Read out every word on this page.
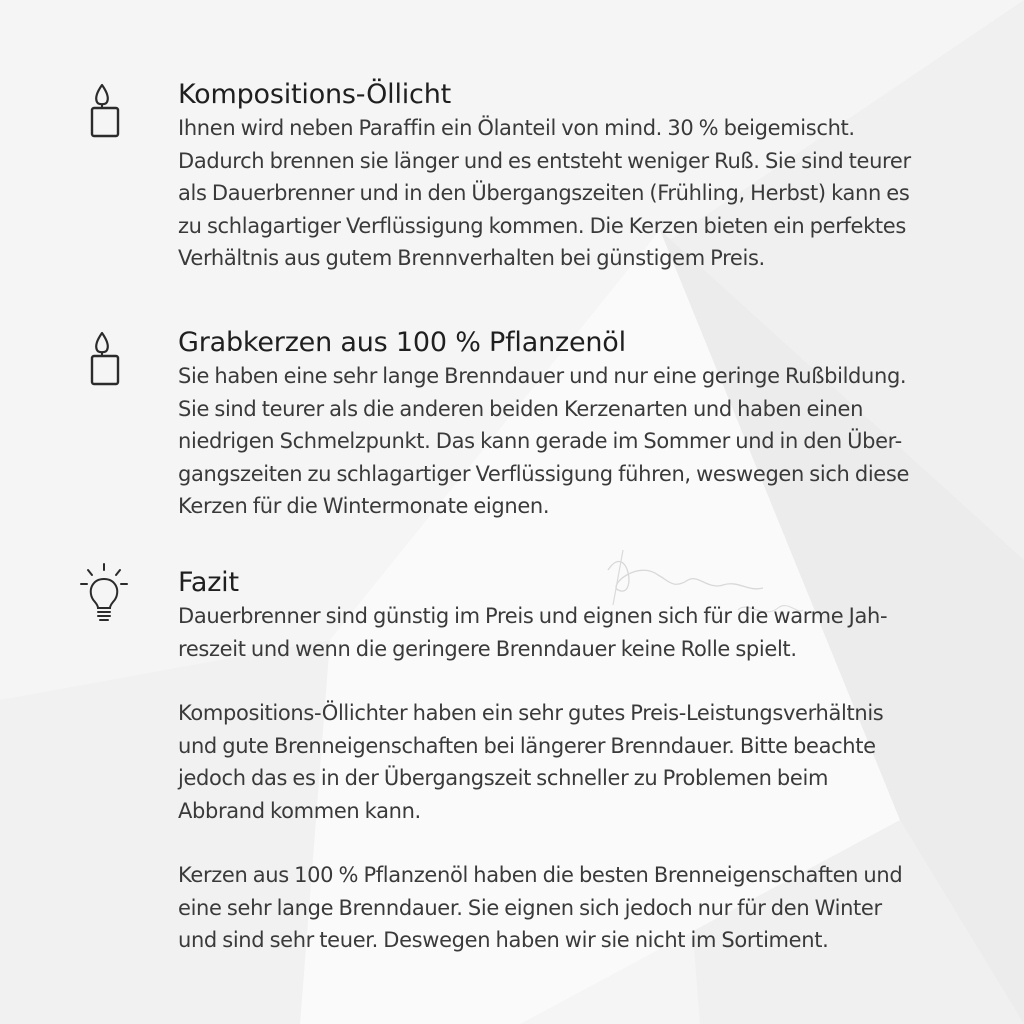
Kompositions-Öllicht

Ihnen wird neben Paraffin ein Ölanteil von mind. 30 % beigemischt.
Dadurch brennen sie länger und es entsteht weniger Ruß. Sie sind teurer
als Dauerbrenner und in den Übergangszeiten (Frühling, Herbst) kann es
zu schlagartiger Verflüssigung kommen. Die Kerzen bieten ein perfektes
Verhältnis aus gutem Brennverhalten bei günstigem Preis.

Grabkerzen aus 100 % Pflanzenöl

Sie haben eine sehr lange Brenndauer und nur eine geringe Rußbildung.
Sie sind teurer als die anderen beiden Kerzenarten und haben einen
niedrigen Schmelzpunkt. Das kann gerade im Sommer und in den Über-
gangszeiten zu schlagartiger Verflüssigung führen, weswegen sich diese
Kerzen für die Wintermonate eignen.

Fazit

Dauerbrenner sind günstig im Preis und eignen sich für die warme Jah-
reszeit und wenn die geringere Brenndauer keine Rolle spielt.

Kompositions-Öllichter haben ein sehr gutes Preis-Leistungsverhältnis
und gute Brenneigenschaften bei längerer Brenndauer. Bitte beachte
jedoch das es in der Übergangszeit schneller zu Problemen beim
Abbrand kommen kann.

Kerzen aus 100 % Pflanzenöl haben die besten Brenneigenschaften und
eine sehr lange Brenndauer. Sie eignen sich jedoch nur für den Winter
und sind sehr teuer. Deswegen haben wir sie nicht im Sortiment.
